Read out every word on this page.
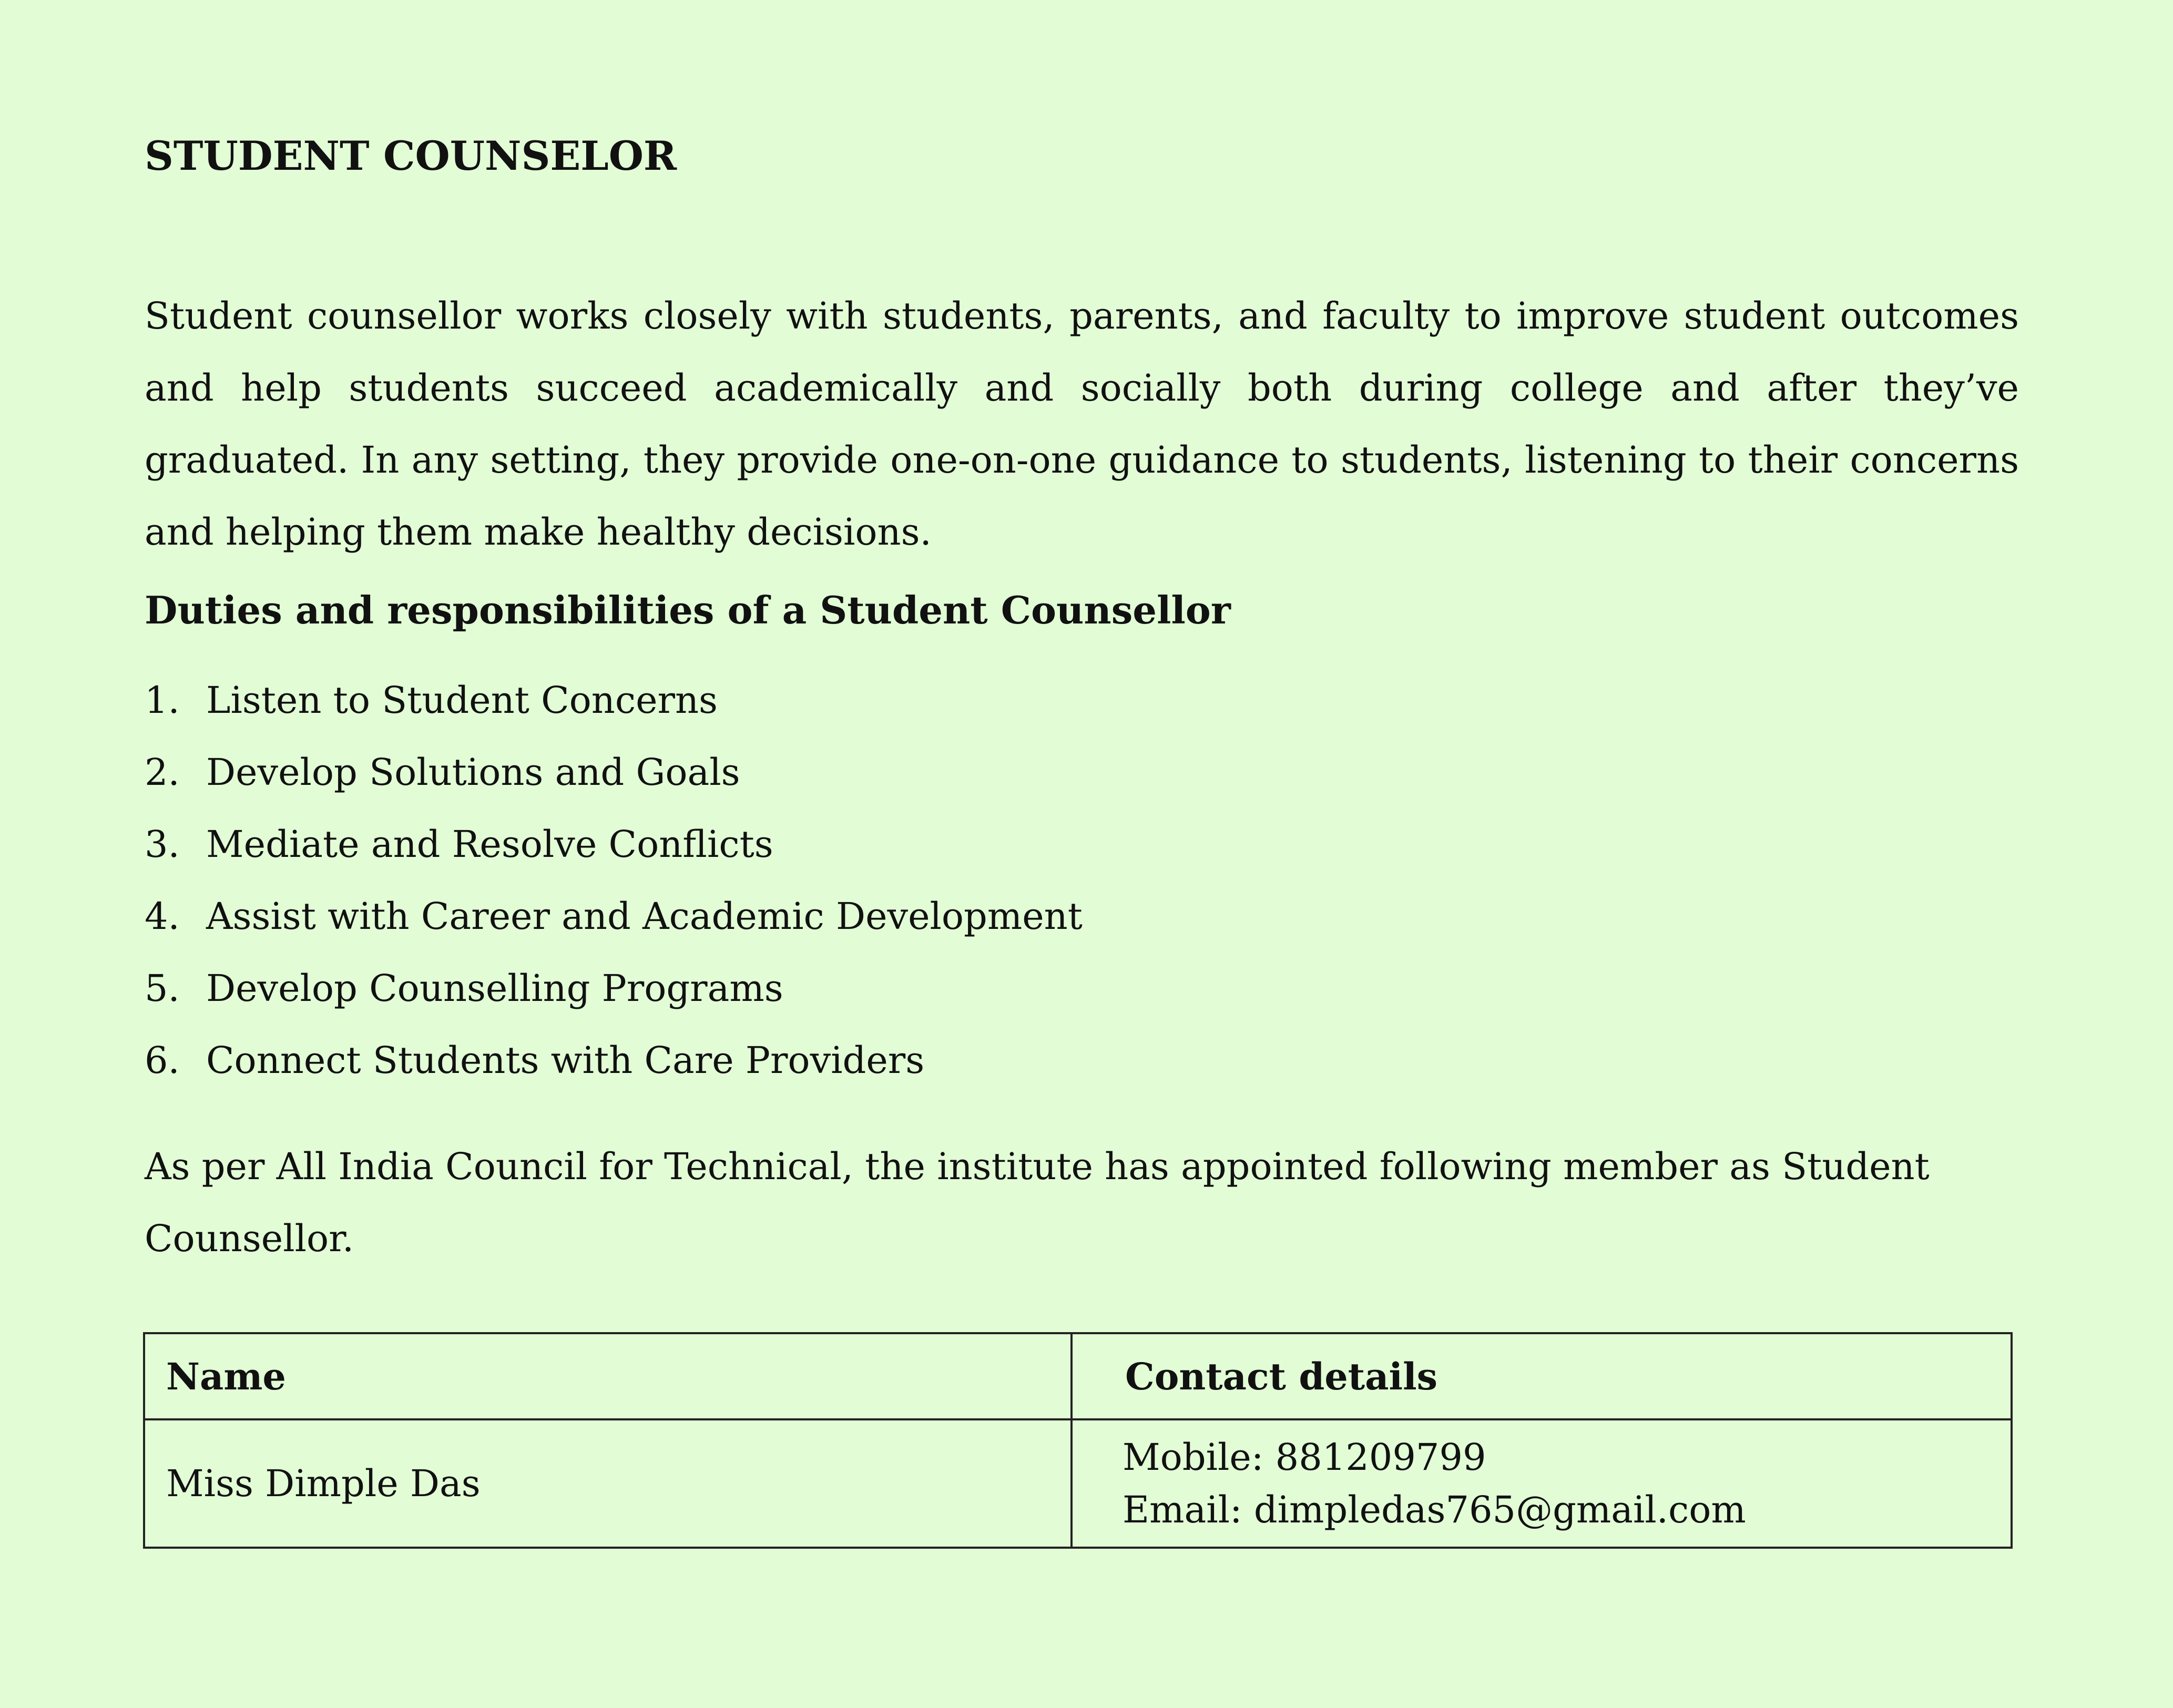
STUDENT COUNSELOR

Student counsellor works closely with students, parents, and faculty to improve student outcomes and help students succeed academically and socially both during college and after they’ve graduated. In any setting, they provide one-on-one guidance to students, listening to their concerns and helping them make healthy decisions.

Duties and responsibilities of a Student Counsellor
1. Listen to Student Concerns
2. Develop Solutions and Goals
3. Mediate and Resolve Conflicts
4. Assist with Career and Academic Development
5. Develop Counselling Programs
6. Connect Students with Care Providers

As per All India Council for Technical, the institute has appointed following member as Student Counsellor.

Name	Contact details
Miss Dimple Das	Mobile: 881209799
Email: dimpledas765@gmail.com
